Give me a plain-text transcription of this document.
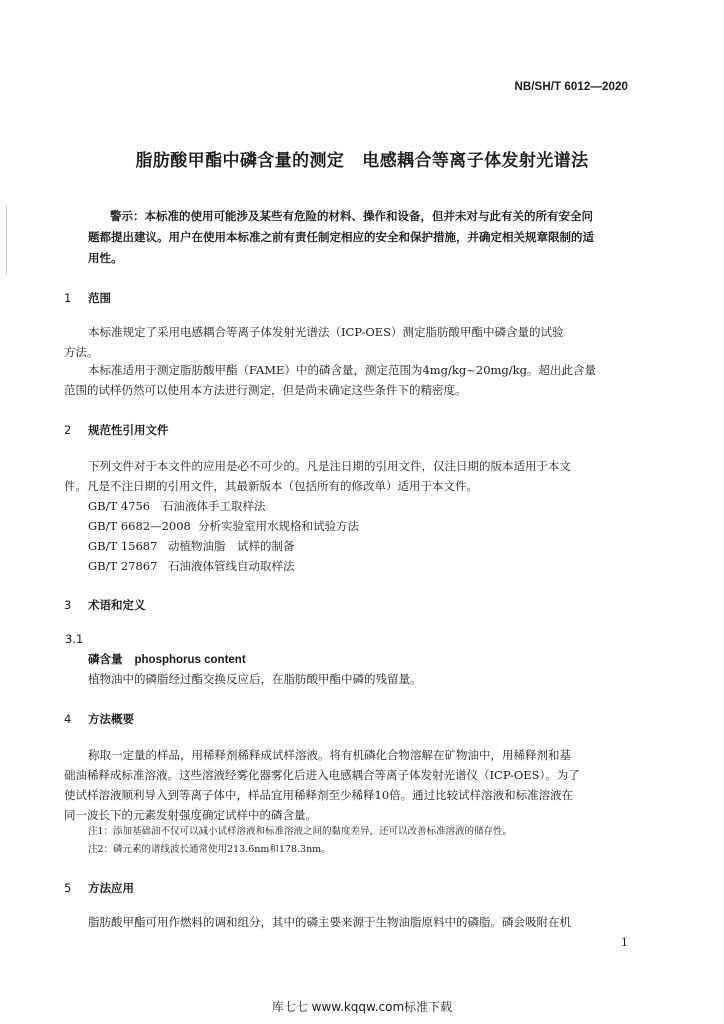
NB/SH/T 6012—2020
脂肪酸甲酯中磷含量的测定 电感耦合等离子体发射光谱法
警示：本标准的使用可能涉及某些有危险的材料、操作和设备，但并未对与此有关的所有安全问
题都提出建议。用户在使用本标准之前有责任制定相应的安全和保护措施，并确定相关规章限制的适
用性。
1 范围
本标准规定了采用电感耦合等离子体发射光谱法（ICP-OES）测定脂肪酸甲酯中磷含量的试验
方法。
本标准适用于测定脂肪酸甲酯（FAME）中的磷含量，测定范围为4mg/kg~20mg/kg。超出此含量
范围的试样仍然可以使用本方法进行测定，但是尚未确定这些条件下的精密度。
2 规范性引用文件
下列文件对于本文件的应用是必不可少的。凡是注日期的引用文件，仅注日期的版本适用于本文
件。凡是不注日期的引用文件，其最新版本（包括所有的修改单）适用于本文件。
GB/T 4756 石油液体手工取样法
GB/T 6682—2008 分析实验室用水规格和试验方法
GB/T 15687 动植物油脂　试样的制备
GB/T 27867 石油液体管线自动取样法
3 术语和定义
3.1
磷含量 phosphorus content
植物油中的磷脂经过酯交换反应后，在脂肪酸甲酯中磷的残留量。
4 方法概要
称取一定量的样品，用稀释剂稀释成试样溶液。将有机磷化合物溶解在矿物油中，用稀释剂和基
础油稀释成标准溶液。这些溶液经雾化器雾化后进入电感耦合等离子体发射光谱仪（ICP-OES）。为了
使试样溶液顺利导入到等离子体中，样品宜用稀释剂至少稀释10倍。通过比较试样溶液和标准溶液在
同一波长下的元素发射强度确定试样中的磷含量。
注1：添加基础油不仅可以减小试样溶液和标准溶液之间的黏度差异，还可以改善标准溶液的储存性。
注2：磷元素的谱线波长通常使用213.6nm和178.3nm。
5 方法应用
脂肪酸甲酯可用作燃料的调和组分，其中的磷主要来源于生物油脂原料中的磷脂。磷会吸附在机
1
库七七 www.kqqw.com标准下载
